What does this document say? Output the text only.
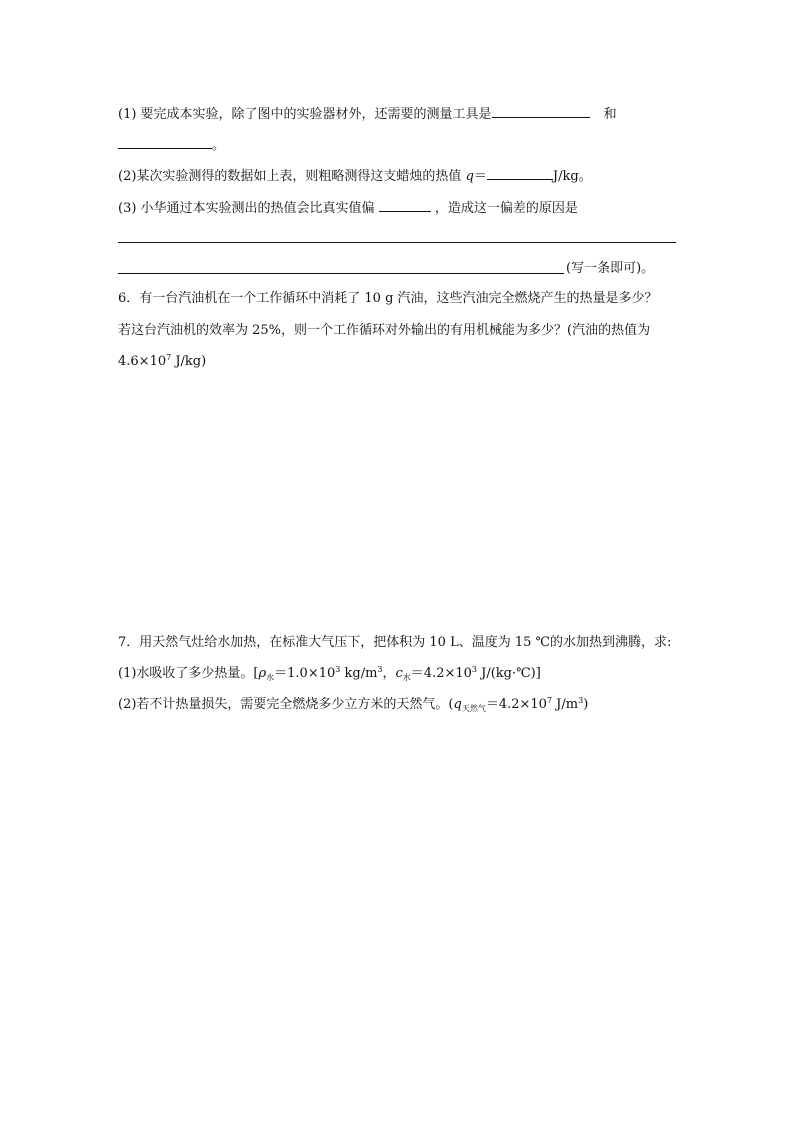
(1) 要完成本实验，除了图中的实验器材外，还需要的测量工具是	和
。
(2)某次实验测得的数据如上表，则粗略测得这支蜡烛的热值 q＝	J/kg。
(3) 小华通过本实验测出的热值会比真实值偏	，造成这一偏差的原因是
(写一条即可)。
6．有一台汽油机在一个工作循环中消耗了 10 g 汽油，这些汽油完全燃烧产生的热量是多少？
若这台汽油机的效率为 25%，则一个工作循环对外输出的有用机械能为多少？(汽油的热值为
$4.6\times 10^7$ J/kg)
7．用天然气灶给水加热，在标准大气压下，把体积为 10 L、温度为 15 ℃的水加热到沸腾，求:
(1)水吸收了多少热量。[$\rho_水=1.0\times 10^3$ $kg/m^3$，$c_水=4.2\times 10^3$ J/(kg·℃)]
(2)若不计热量损失，需要完全燃烧多少立方米的天然气。($q_{天然气}=4.2\times 10^7$ $J/m^3$)
